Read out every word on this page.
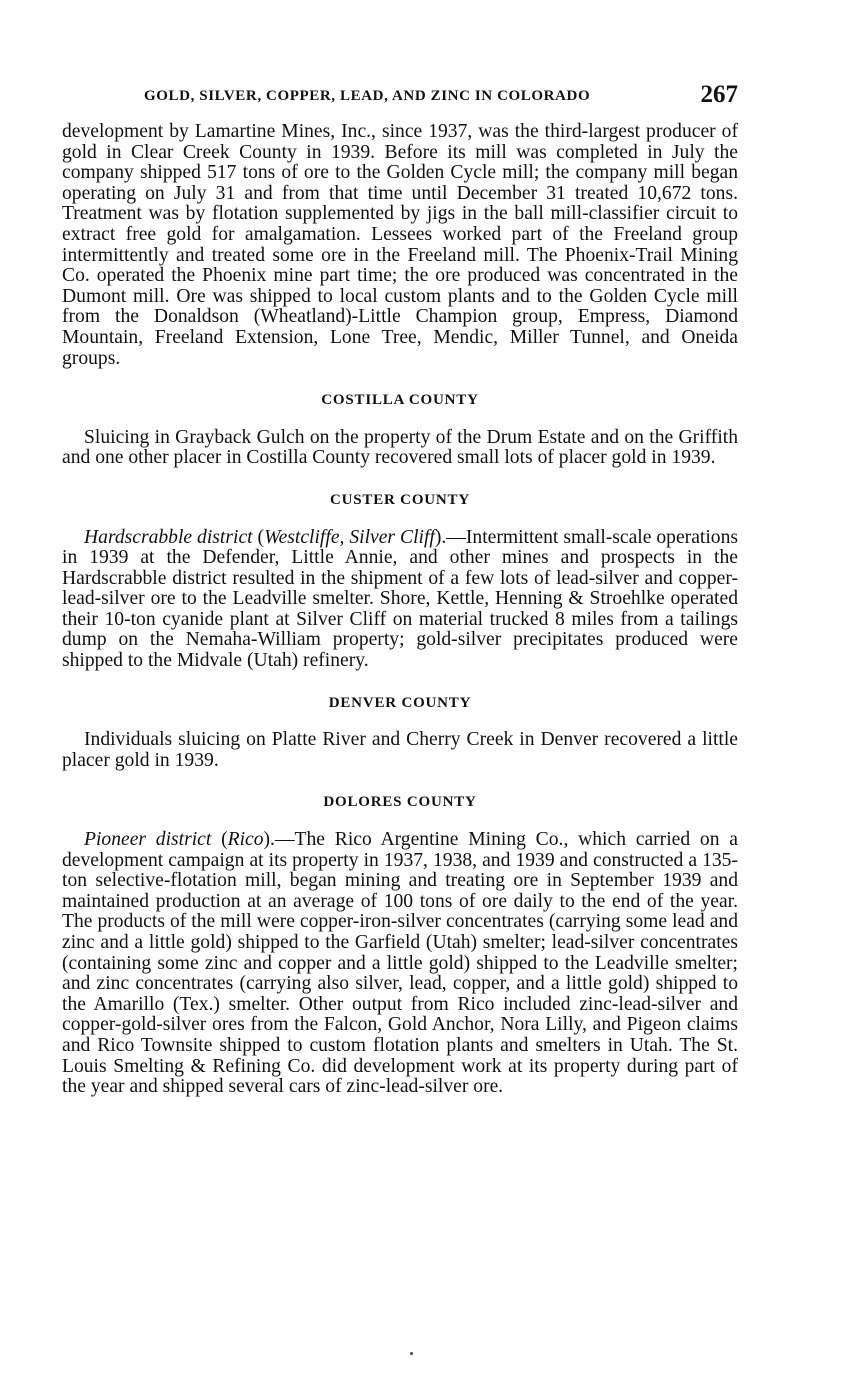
GOLD, SILVER, COPPER, LEAD, AND ZINC IN COLORADO	267

development by Lamartine Mines, Inc., since 1937, was the third-largest producer of gold in Clear Creek County in 1939. Before its mill was completed in July the company shipped 517 tons of ore to the Golden Cycle mill; the company mill began operating on July 31 and from that time until December 31 treated 10,672 tons. Treatment was by flotation supplemented by jigs in the ball mill-classifier circuit to extract free gold for amalgamation. Lessees worked part of the Freeland group intermittently and treated some ore in the Freeland mill. The Phoenix-Trail Mining Co. operated the Phoenix mine part time; the ore produced was concentrated in the Dumont mill. Ore was shipped to local custom plants and to the Golden Cycle mill from the Donaldson (Wheatland)-Little Champion group, Empress, Diamond Mountain, Freeland Extension, Lone Tree, Mendic, Miller Tunnel, and Oneida groups.

COSTILLA COUNTY

Sluicing in Grayback Gulch on the property of the Drum Estate and on the Griffith and one other placer in Costilla County recovered small lots of placer gold in 1939.

CUSTER COUNTY

Hardscrabble district (Westcliffe, Silver Cliff).—Intermittent small-scale operations in 1939 at the Defender, Little Annie, and other mines and prospects in the Hardscrabble district resulted in the shipment of a few lots of lead-silver and copper-lead-silver ore to the Leadville smelter. Shore, Kettle, Henning & Stroehlke operated their 10-ton cyanide plant at Silver Cliff on material trucked 8 miles from a tailings dump on the Nemaha-William property; gold-silver precipitates produced were shipped to the Midvale (Utah) refinery.

DENVER COUNTY

Individuals sluicing on Platte River and Cherry Creek in Denver recovered a little placer gold in 1939.

DOLORES COUNTY

Pioneer district (Rico).—The Rico Argentine Mining Co., which carried on a development campaign at its property in 1937, 1938, and 1939 and constructed a 135-ton selective-flotation mill, began mining and treating ore in September 1939 and maintained production at an average of 100 tons of ore daily to the end of the year. The products of the mill were copper-iron-silver concentrates (carrying some lead and zinc and a little gold) shipped to the Garfield (Utah) smelter; lead-silver concentrates (containing some zinc and copper and a little gold) shipped to the Leadville smelter; and zinc concentrates (carrying also silver, lead, copper, and a little gold) shipped to the Amarillo (Tex.) smelter. Other output from Rico included zinc-lead-silver and copper-gold-silver ores from the Falcon, Gold Anchor, Nora Lilly, and Pigeon claims and Rico Townsite shipped to custom flotation plants and smelters in Utah. The St. Louis Smelting & Refining Co. did development work at its property during part of the year and shipped several cars of zinc-lead-silver ore.
